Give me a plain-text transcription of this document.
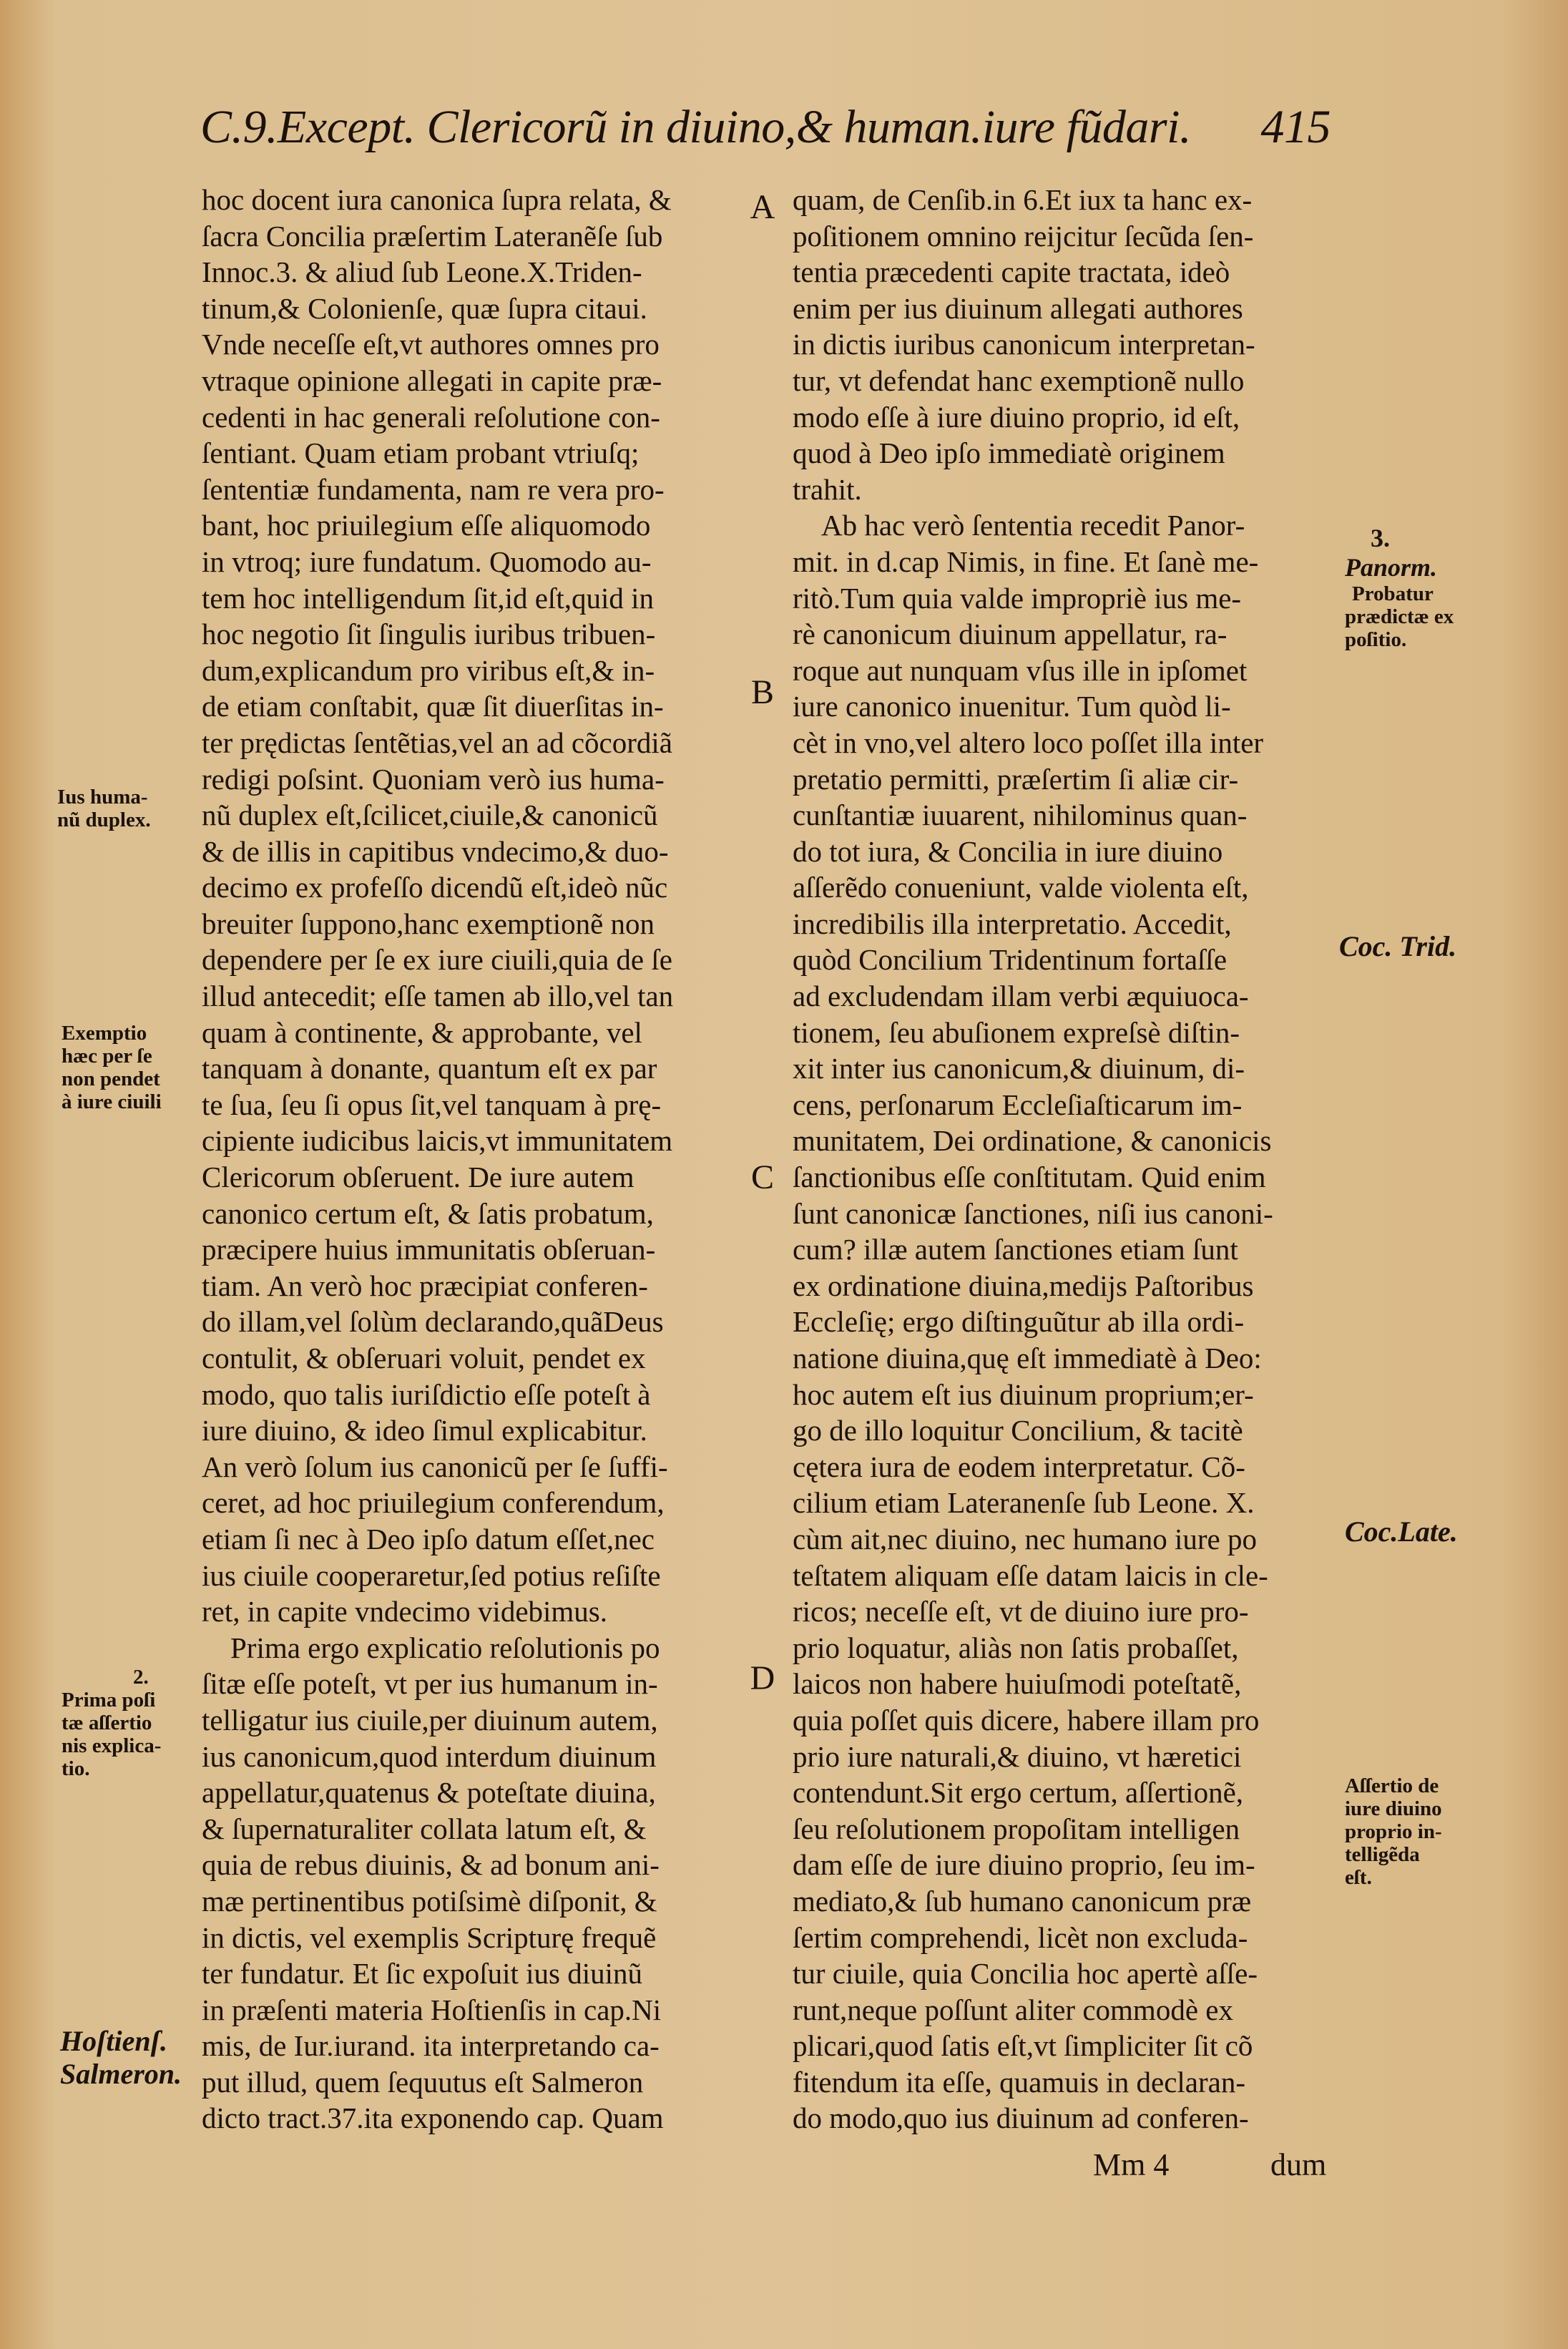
C.9.Except. Clericorũ in diuino,& human.iure fũdari. 415
hoc docent iura canonica ſupra relata, &
ſacra Concilia præſertim Lateranẽſe ſub
Innoc.3. & aliud ſub Leone.X.Triden-
tinum,& Colonienſe, quæ ſupra citaui.
Vnde neceſſe eſt,vt authores omnes pro
vtraque opinione allegati in capite præ-
cedenti in hac generali reſolutione con-
ſentiant. Quam etiam probant vtriuſq;
ſententiæ fundamenta, nam re vera pro-
bant, hoc priuilegium eſſe aliquomodo
in vtroq; iure fundatum. Quomodo au-
tem hoc intelligendum ſit,id eſt,quid in
hoc negotio ſit ſingulis iuribus tribuen-
dum,explicandum pro viribus eſt,& in-
de etiam conſtabit, quæ ſit diuerſitas in-
ter prędictas ſentẽtias,vel an ad cõcordiã
redigi poſsint. Quoniam verò ius huma-
nũ duplex eſt,ſcilicet,ciuile,& canonicũ
& de illis in capitibus vndecimo,& duo-
decimo ex profeſſo dicendũ eſt,ideò nũc
breuiter ſuppono,hanc exemptionẽ non
dependere per ſe ex iure ciuili,quia de ſe
illud antecedit; eſſe tamen ab illo,vel tan
quam à continente, & approbante, vel
tanquam à donante, quantum eſt ex par
te ſua, ſeu ſi opus ſit,vel tanquam à prę-
cipiente iudicibus laicis,vt immunitatem
Clericorum obſeruent. De iure autem
canonico certum eſt, & ſatis probatum,
præcipere huius immunitatis obſeruan-
tiam. An verò hoc præcipiat conferen-
do illam,vel ſolùm declarando,quãDeus
contulit, & obſeruari voluit, pendet ex
modo, quo talis iuriſdictio eſſe poteſt à
iure diuino, & ideo ſimul explicabitur.
An verò ſolum ius canonicũ per ſe ſuffi-
ceret, ad hoc priuilegium conferendum,
etiam ſi nec à Deo ipſo datum eſſet,nec
ius ciuile cooperaretur,ſed potius reſiſte
ret, in capite vndecimo videbimus.
Prima ergo explicatio reſolutionis po
ſitæ eſſe poteſt, vt per ius humanum in-
telligatur ius ciuile,per diuinum autem,
ius canonicum,quod interdum diuinum
appellatur,quatenus & poteſtate diuina,
& ſupernaturaliter collata latum eſt, &
quia de rebus diuinis, & ad bonum ani-
mæ pertinentibus potiſsimè diſponit, &
in dictis, vel exemplis Scripturę frequẽ
ter fundatur. Et ſic expoſuit ius diuinũ
in præſenti materia Hoſtienſis in cap.Ni
mis, de Iur.iurand. ita interpretando ca-
put illud, quem ſequutus eſt Salmeron
dicto tract.37.ita exponendo cap. Quam
quam, de Cenſib.in 6.Et iux ta hanc ex-
poſitionem omnino reijcitur ſecũda ſen-
tentia præcedenti capite tractata, ideò
enim per ius diuinum allegati authores
in dictis iuribus canonicum interpretan-
tur, vt defendat hanc exemptionẽ nullo
modo eſſe à iure diuino proprio, id eſt,
quod à Deo ipſo immediatè originem
trahit.
Ab hac verò ſententia recedit Panor-
mit. in d.cap Nimis, in fine. Et ſanè me-
ritò.Tum quia valde impropriè ius me-
rè canonicum diuinum appellatur, ra-
roque aut nunquam vſus ille in ipſomet
iure canonico inuenitur. Tum quòd li-
cèt in vno,vel altero loco poſſet illa inter
pretatio permitti, præſertim ſi aliæ cir-
cunſtantiæ iuuarent, nihilominus quan-
do tot iura, & Concilia in iure diuino
aſſerẽdo conueniunt, valde violenta eſt,
incredibilis illa interpretatio. Accedit,
quòd Concilium Tridentinum fortaſſe
ad excludendam illam verbi æquiuoca-
tionem, ſeu abuſionem expreſsè diſtin-
xit inter ius canonicum,& diuinum, di-
cens, perſonarum Eccleſiaſticarum im-
munitatem, Dei ordinatione, & canonicis
ſanctionibus eſſe conſtitutam. Quid enim
ſunt canonicæ ſanctiones, niſi ius canoni-
cum? illæ autem ſanctiones etiam ſunt
ex ordinatione diuina,medijs Paſtoribus
Eccleſię; ergo diſtinguũtur ab illa ordi-
natione diuina,quę eſt immediatè à Deo:
hoc autem eſt ius diuinum proprium;er-
go de illo loquitur Concilium, & tacitè
cętera iura de eodem interpretatur. Cõ-
cilium etiam Lateranenſe ſub Leone. X.
cùm ait,nec diuino, nec humano iure po
teſtatem aliquam eſſe datam laicis in cle-
ricos; neceſſe eſt, vt de diuino iure pro-
prio loquatur, aliàs non ſatis probaſſet,
laicos non habere huiuſmodi poteſtatẽ,
quia poſſet quis dicere, habere illam pro
prio iure naturali,& diuino, vt hæretici
contendunt.Sit ergo certum, aſſertionẽ,
ſeu reſolutionem propoſitam intelligen
dam eſſe de iure diuino proprio, ſeu im-
mediato,& ſub humano canonicum præ
ſertim comprehendi, licèt non excluda-
tur ciuile, quia Concilia hoc apertè aſſe-
runt,neque poſſunt aliter commodè ex
plicari,quod ſatis eſt,vt ſimpliciter ſit cõ
fitendum ita eſſe, quamuis in declaran-
do modo,quo ius diuinum ad conferen-
A
B
C
D
Ius huma-
nũ duplex.
Exemptio
hæc per ſe
non pendet
à iure ciuili
2.
Prima poſi
tæ aſſertio
nis explica-
tio.
Hoſtienſ.
Salmeron.
3.
Panorm.
Probatur
prædictæ ex
poſitio.
Coc. Trid.
Coc.Late.
Aſſertio de
iure diuino
proprio in-
telligẽda
eſt.
Mm 4	dum
